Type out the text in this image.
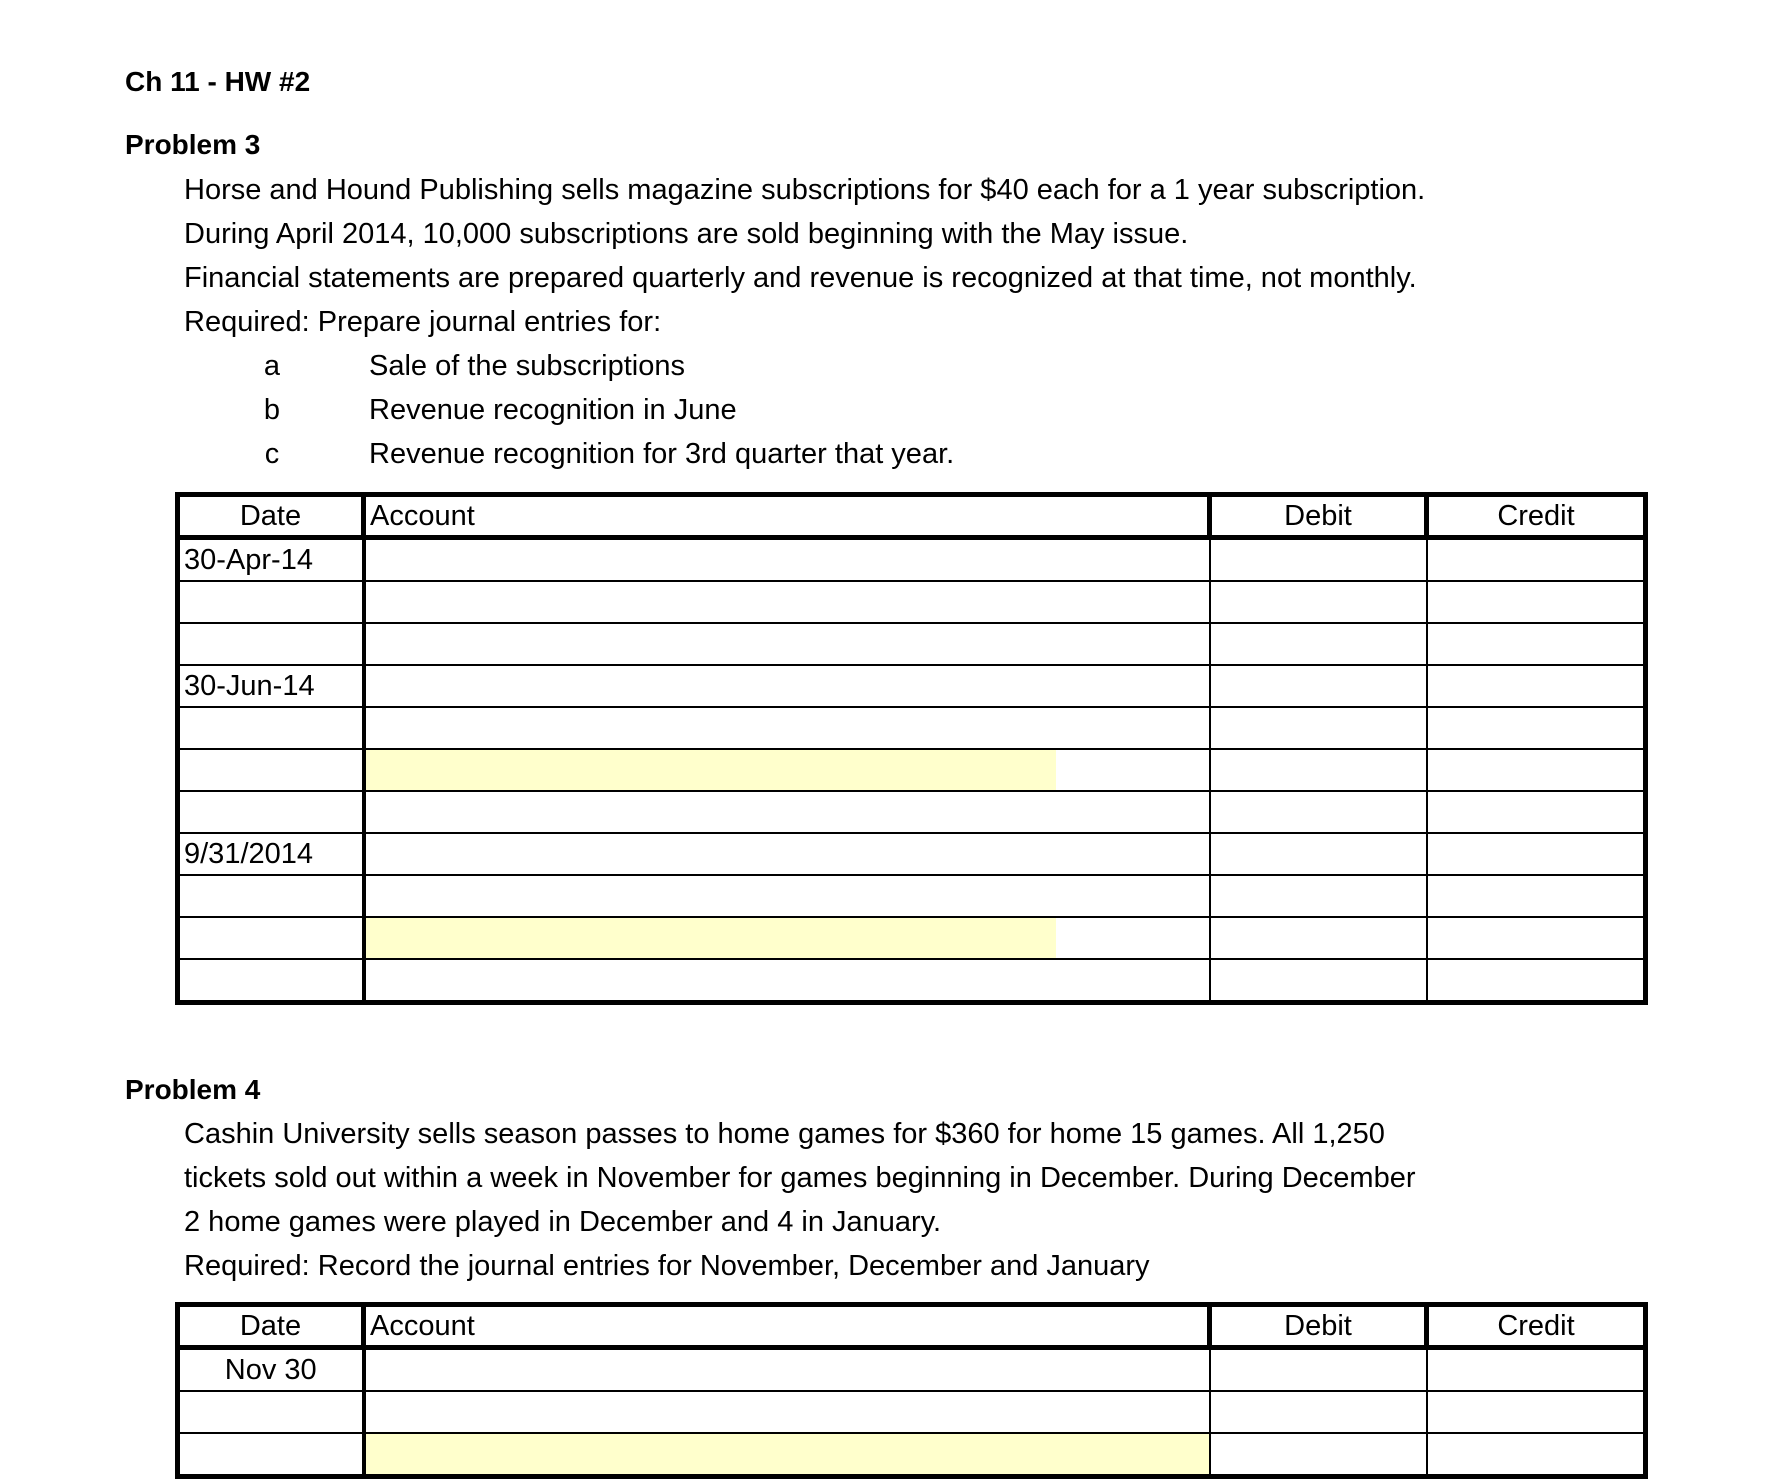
Ch 11 - HW #2
Problem 3
Horse and Hound Publishing sells magazine subscriptions for $40 each for a 1 year subscription.
During April 2014, 10,000 subscriptions are sold beginning with the May issue.
Financial statements are prepared quarterly and revenue is recognized at that time, not monthly.
Required: Prepare journal entries for:
a	Sale of the subscriptions
b	Revenue recognition in June
c	Revenue recognition for 3rd quarter that year.
Date	Account	Debit	Credit
30-Apr-14			

30-Jun-14			

9/31/2014			

Problem 4
Cashin University sells season passes to home games for $360 for home 15 games. All 1,250
tickets sold out within a week in November for games beginning in December. During December
2 home games were played in December and 4 in January.
Required: Record the journal entries for November, December and January
Date	Account	Debit	Credit
Nov 30			
